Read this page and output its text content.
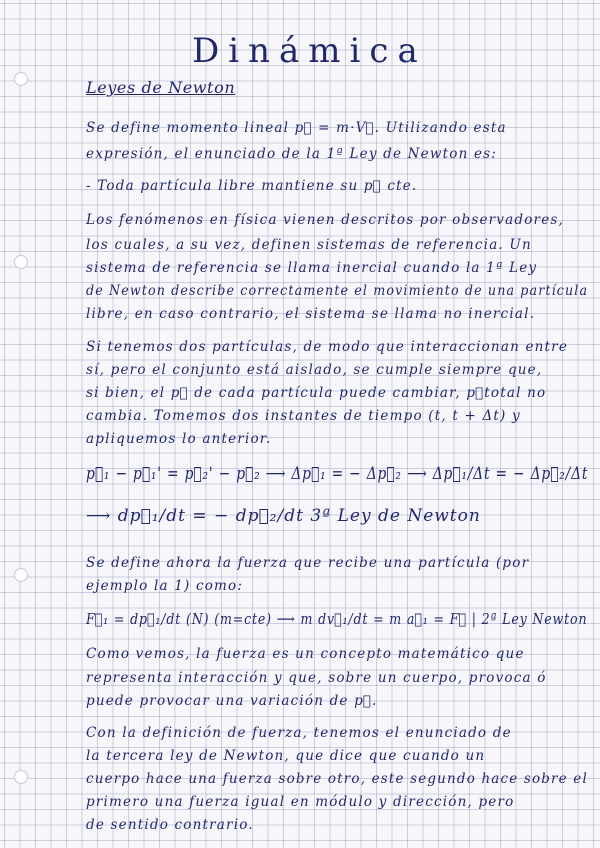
Dinámica
Leyes de Newton
Se define momento lineal p⃗ = m·V⃗. Utilizando esta
expresión, el enunciado de la 1ª Ley de Newton es:
- Toda partícula libre mantiene su p⃗ cte.
Los fenómenos en física vienen descritos por observadores,
los cuales, a su vez, definen sistemas de referencia. Un
sistema de referencia se llama inercial cuando la 1ª Ley
de Newton describe correctamente el movimiento de una partícula
libre, en caso contrario, el sistema se llama no inercial.
Si tenemos dos partículas, de modo que interaccionan entre
sí, pero el conjunto está aislado, se cumple siempre que,
si bien, el p⃗ de cada partícula puede cambiar, p⃗total no
cambia. Tomemos dos instantes de tiempo (t, t + Δt) y
apliquemos lo anterior.
p⃗₁ − p⃗₁' = p⃗₂' − p⃗₂ ⟶ Δp⃗₁ = − Δp⃗₂ ⟶ Δp⃗₁/Δt = − Δp⃗₂/Δt
⟶ dp⃗₁/dt = − dp⃗₂/dt 3ª Ley de Newton
Se define ahora la fuerza que recibe una partícula (por
ejemplo la 1) como:
F⃗₁ = dp⃗₁/dt (N) (m=cte) ⟶ m dv⃗₁/dt = m a⃗₁ = F⃗ | 2ª Ley Newton
Como vemos, la fuerza es un concepto matemático que
representa interacción y que, sobre un cuerpo, provoca ó
puede provocar una variación de p⃗.
Con la definición de fuerza, tenemos el enunciado de
la tercera ley de Newton, que dice que cuando un
cuerpo hace una fuerza sobre otro, este segundo hace sobre el
primero una fuerza igual en módulo y dirección, pero
de sentido contrario.
